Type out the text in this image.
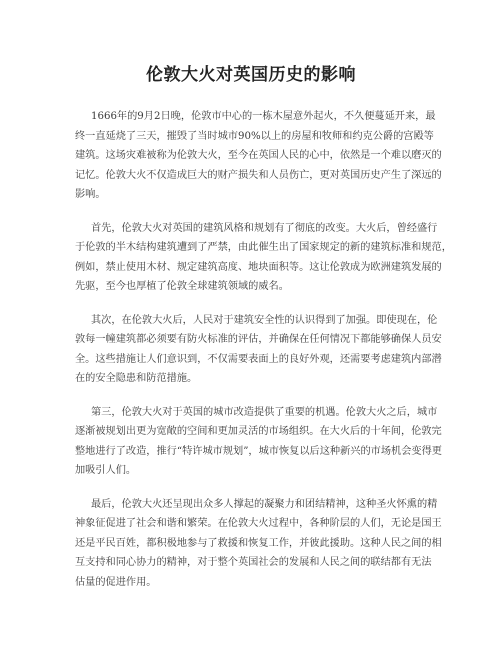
伦敦大火对英国历史的影响
1666年的9月2日晚，伦敦市中心的一栋木屋意外起火，不久便蔓延开来，最
终一直延烧了三天，摧毁了当时城市90%以上的房屋和牧师和约克公爵的宫殿等
建筑。这场灾难被称为伦敦大火，至今在英国人民的心中，依然是一个难以磨灭的
记忆。伦敦大火不仅造成巨大的财产损失和人员伤亡，更对英国历史产生了深远的
影响。
首先，伦敦大火对英国的建筑风格和规划有了彻底的改变。大火后，曾经盛行
于伦敦的半木结构建筑遭到了严禁，由此催生出了国家规定的新的建筑标准和规范，
例如，禁止使用木材、规定建筑高度、地块面积等。这让伦敦成为欧洲建筑发展的
先驱，至今也厚植了伦敦全球建筑领域的威名。
其次，在伦敦大火后，人民对于建筑安全性的认识得到了加强。即使现在，伦
敦每一幢建筑都必须要有防火标准的评估，并确保在任何情况下都能够确保人员安
全。这些措施让人们意识到，不仅需要表面上的良好外观，还需要考虑建筑内部潜
在的安全隐患和防范措施。
第三，伦敦大火对于英国的城市改造提供了重要的机遇。伦敦大火之后，城市
逐渐被规划出更为宽敞的空间和更加灵活的市场组织。在大火后的十年间，伦敦完
整地进行了改造，推行“特许城市规划”，城市恢复以后这种新兴的市场机会变得更
加吸引人们。
最后，伦敦大火还呈现出众多人撑起的凝聚力和团结精神，这种圣火怀熏的精
神象征促进了社会和谐和繁荣。在伦敦大火过程中，各种阶层的人们，无论是国王
还是平民百姓，都积极地参与了救援和恢复工作，并彼此援助。这种人民之间的相
互支持和同心协力的精神，对于整个英国社会的发展和人民之间的联结都有无法
估量的促进作用。
